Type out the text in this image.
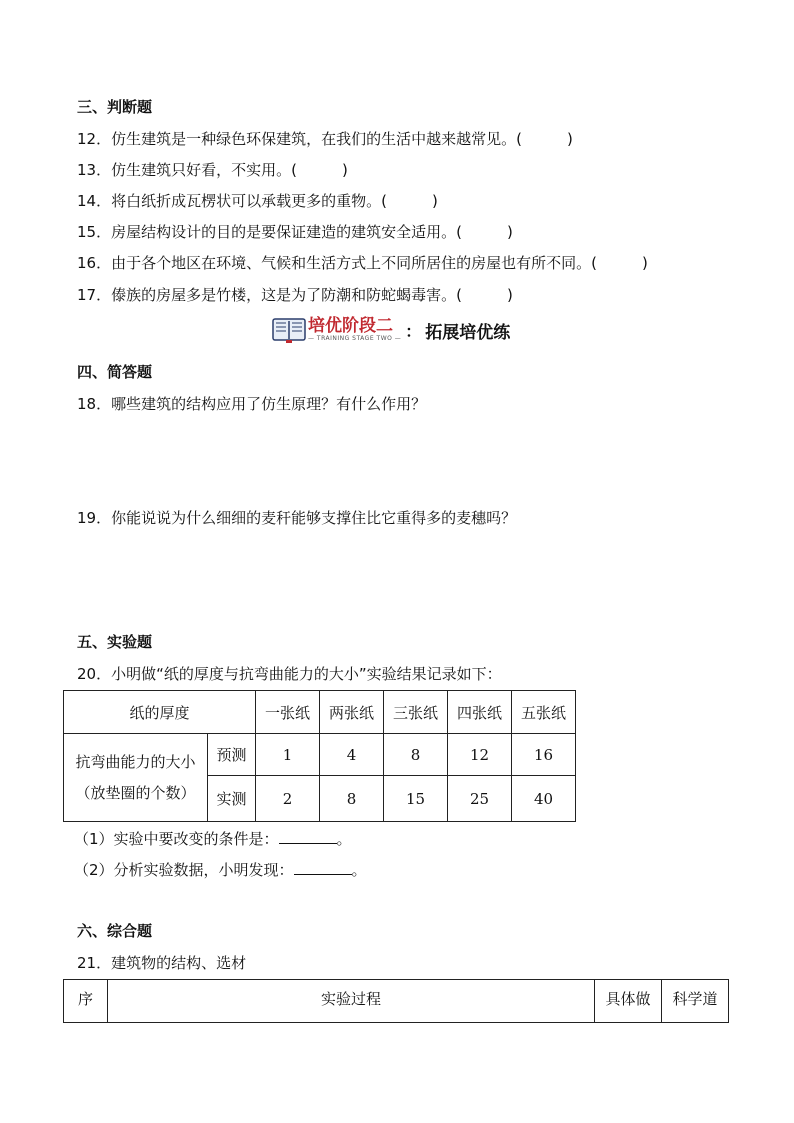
三、判断题
12．仿生建筑是一种绿色环保建筑，在我们的生活中越来越常见。(　　　)
13．仿生建筑只好看，不实用。(　　　)
14．将白纸折成瓦楞状可以承载更多的重物。(　　　)
15．房屋结构设计的目的是要保证建造的建筑安全适用。(　　　)
16．由于各个地区在环境、气候和生活方式上不同所居住的房屋也有所不同。(　　　)
17．傣族的房屋多是竹楼，这是为了防潮和防蛇蝎毒害。(　　　)
培优阶段二
— TRAINING STAGE TWO — ： 拓展培优练
四、简答题
18．哪些建筑的结构应用了仿生原理？有什么作用？
19．你能说说为什么细细的麦秆能够支撑住比它重得多的麦穗吗？
五、实验题
20．小明做“纸的厚度与抗弯曲能力的大小”实验结果记录如下：
纸的厚度		一张纸	两张纸	三张纸	四张纸	五张纸

抗弯曲能力的大小
（放垫圈的个数）	预测	1	4	8	12	16
	实测	2	8	15	25	40
（1）实验中要改变的条件是：	。
（2）分析实验数据，小明发现：	。
六、综合题
21．建筑物的结构、选材
序	实验过程	具体做	科学道
